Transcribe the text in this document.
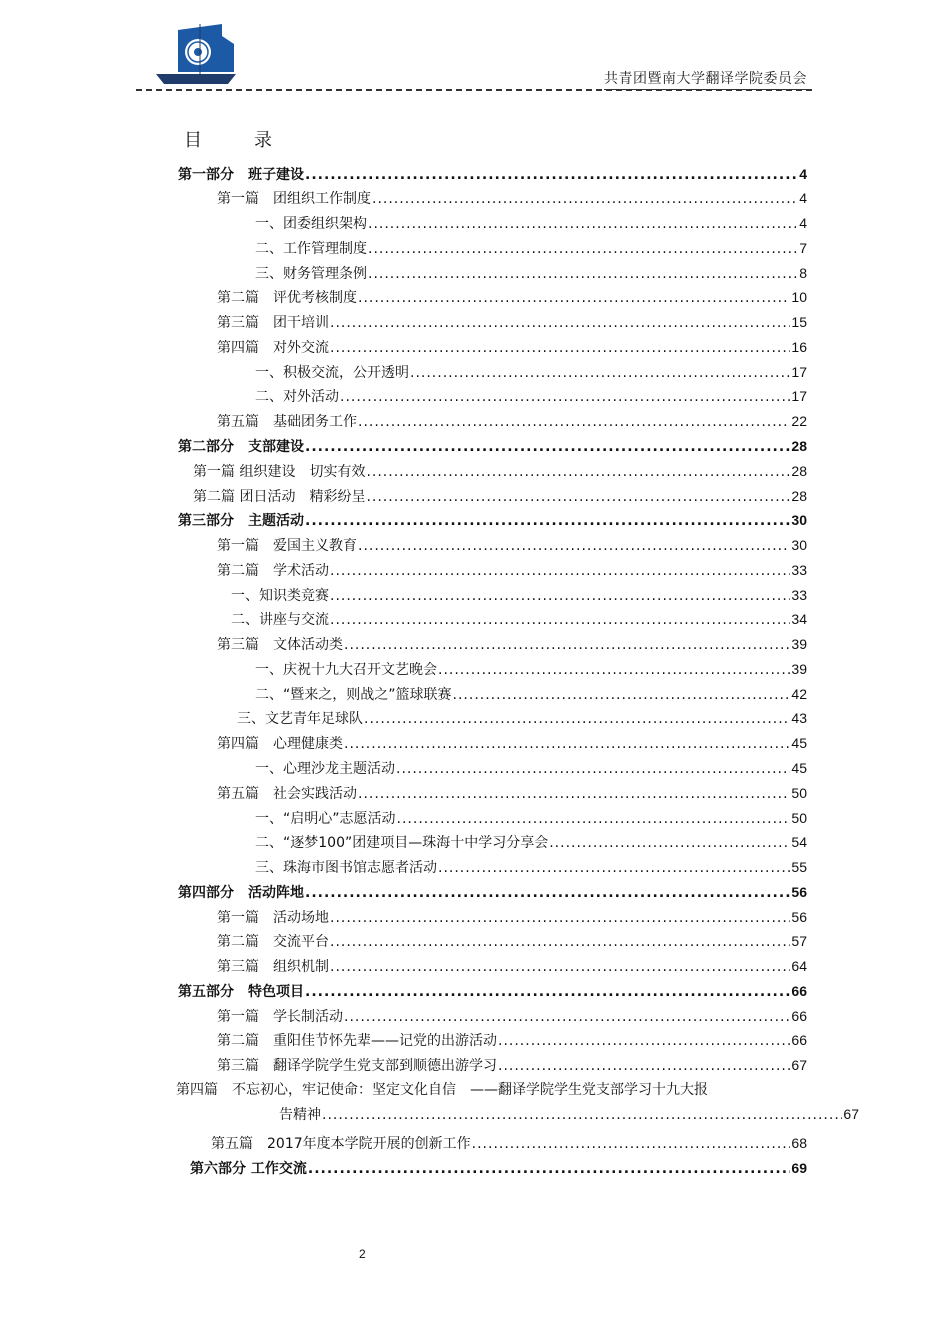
共青团暨南大学翻译学院委员会
目	录
第一部分　班子建设 .....	4
第一篇　团组织工作制度 .....	4
一、团委组织架构 .....	4
二、工作管理制度 .....	7
三、财务管理条例 .....	8
第二篇　评优考核制度 .....	10
第三篇　团干培训 .....	15
第四篇　对外交流 .....	16
一、积极交流，公开透明 .....	17
二、对外活动 .....	17
第五篇　基础团务工作 .....	22
第二部分　支部建设 .....	28
第一篇 组织建设　切实有效 .....	28
第二篇 团日活动　精彩纷呈 .....	28
第三部分　主题活动 .....	30
第一篇　爱国主义教育 .....	30
第二篇　学术活动 .....	33
一、知识类竞赛 .....	33
二、讲座与交流 .....	34
第三篇　文体活动类 .....	39
一、庆祝十九大召开文艺晚会 .....	39
二、“暨来之，则战之”篮球联赛 .....	42
三、文艺青年足球队 .....	43
第四篇　心理健康类 .....	45
一、心理沙龙主题活动 .....	45
第五篇　社会实践活动 .....	50
一、“启明心”志愿活动 .....	50
二、“逐梦100”团建项目—珠海十中学习分享会 .....	54
三、珠海市图书馆志愿者活动 .....	55
第四部分　活动阵地 .....	56
第一篇　活动场地 .....	56
第二篇　交流平台 .....	57
第三篇　组织机制 .....	64
第五部分　特色项目 .....	66
第一篇　学长制活动 .....	66
第二篇　重阳佳节怀先辈——记党的出游活动 .....	66
第三篇　翻译学院学生党支部到顺德出游学习 .....	67
第四篇　不忘初心，牢记使命：坚定文化自信　——翻译学院学生党支部学习十九大报
告精神 .....	67
第五篇　2017年度本学院开展的创新工作 .....	68
第六部分 工作交流 .....	69
2
